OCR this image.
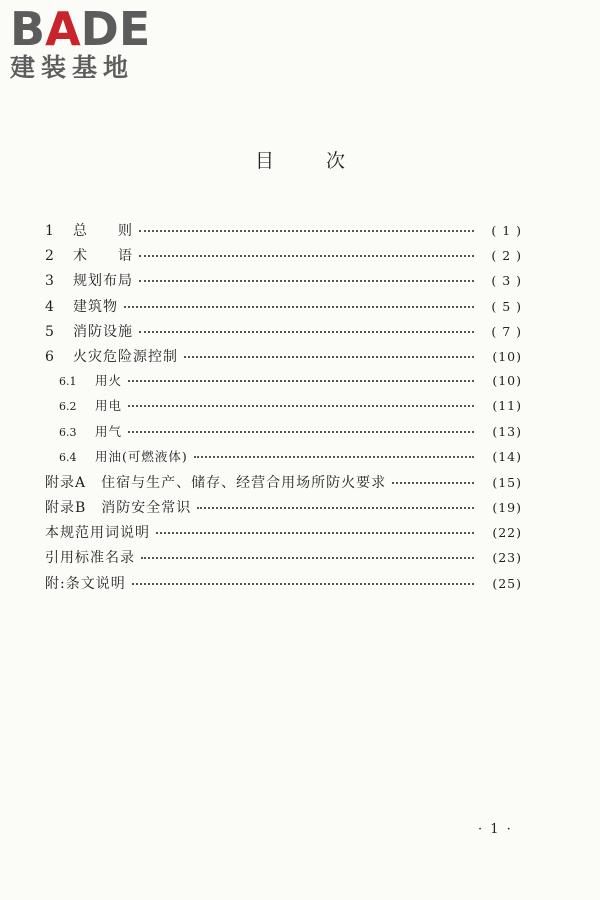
BADE
建装基地
目	次
1	总　　则	( 1 )
2	术　　语	( 2 )
3	规划布局	( 3 )
4	建筑物	( 5 )
5	消防设施	( 7 )
6	火灾危险源控制	(10)
6.1	用火	(10)
6.2	用电	(11)
6.3	用气	(13)
6.4	用油(可燃液体)	(14)
附录A　住宿与生产、储存、经营合用场所防火要求	(15)
附录B　消防安全常识	(19)
本规范用词说明	(22)
引用标准名录	(23)
附:条文说明	(25)
· 1 ·
